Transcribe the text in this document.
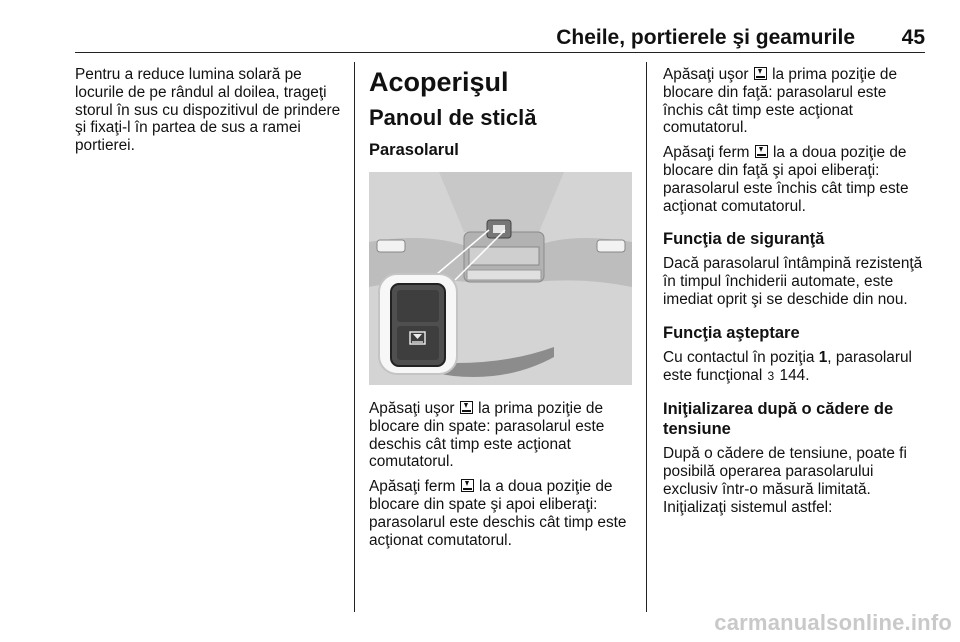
Cheile, portierele şi geamurile 45

Pentru a reduce lumina solară pe locurile de pe rândul al doilea, trageţi storul în sus cu dispozitivul de prindere şi fixaţi-l în partea de sus a ramei portierei.

Acoperişul
Panoul de sticlă
Parasolarul

Apăsaţi uşor la prima poziţie de blocare din spate: parasolarul este deschis cât timp este acţionat comutatorul.

Apăsaţi ferm la a doua poziţie de blocare din spate şi apoi eliberaţi: parasolarul este deschis cât timp este acţionat comutatorul.

Apăsaţi uşor la prima poziţie de blocare din faţă: parasolarul este închis cât timp este acţionat comutatorul.

Apăsaţi ferm la a doua poziţie de blocare din faţă şi apoi eliberaţi: parasolarul este închis cât timp este acţionat comutatorul.

Funcţia de siguranţă

Dacă parasolarul întâmpină rezistenţă în timpul închiderii automate, este imediat oprit şi se deschide din nou.

Funcţia aşteptare

Cu contactul în poziţia 1, parasolarul este funcţional 3 144.

Iniţializarea după o cădere de tensiune

După o cădere de tensiune, poate fi posibilă operarea parasolarului exclusiv într-o măsură limitată.

Iniţializaţi sistemul astfel:

carmanualsonline.info
